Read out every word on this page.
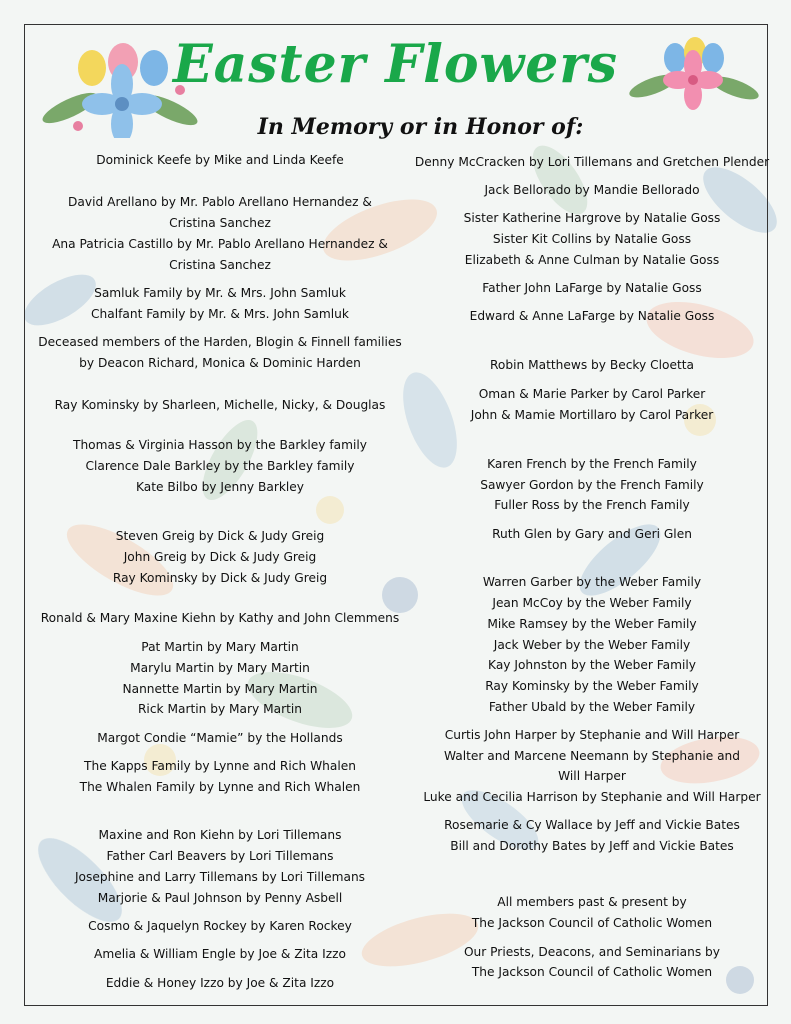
Easter Flowers
In Memory or in Honor of:
Dominick Keefe by Mike and Linda Keefe
David Arellano by Mr. Pablo Arellano Hernandez &
Cristina Sanchez
Ana Patricia Castillo by Mr. Pablo Arellano Hernandez &
Cristina Sanchez
Samluk Family by Mr. & Mrs. John Samluk
Chalfant Family by Mr. & Mrs. John Samluk
Deceased members of the Harden, Blogin & Finnell families
by Deacon Richard, Monica & Dominic Harden
Ray Kominsky by Sharleen, Michelle, Nicky, & Douglas
Thomas & Virginia Hasson by the Barkley family
Clarence Dale Barkley by the Barkley family
Kate Bilbo by Jenny Barkley
Steven Greig by Dick & Judy Greig
John Greig by Dick & Judy Greig
Ray Kominsky by Dick & Judy Greig
Ronald & Mary Maxine Kiehn by Kathy and John Clemmens
Pat Martin by Mary Martin
Marylu Martin by Mary Martin
Nannette Martin by Mary Martin
Rick Martin by Mary Martin
Margot Condie “Mamie” by the Hollands
The Kapps Family by Lynne and Rich Whalen
The Whalen Family by Lynne and Rich Whalen
Maxine and Ron Kiehn by Lori Tillemans
Father Carl Beavers by Lori Tillemans
Josephine and Larry Tillemans by Lori Tillemans
Marjorie & Paul Johnson by Penny Asbell
Cosmo & Jaquelyn Rockey by Karen Rockey
Amelia & William Engle by Joe & Zita Izzo
Eddie & Honey Izzo by Joe & Zita Izzo
Denny McCracken by Lori Tillemans and Gretchen Plender
Jack Bellorado by Mandie Bellorado
Sister Katherine Hargrove by Natalie Goss
Sister Kit Collins by Natalie Goss
Elizabeth & Anne Culman by Natalie Goss
Father John LaFarge by Natalie Goss
Edward & Anne LaFarge by Natalie Goss
Robin Matthews by Becky Cloetta
Oman & Marie Parker by Carol Parker
John & Mamie Mortillaro by Carol Parker
Karen French by the French Family
Sawyer Gordon by the French Family
Fuller Ross by the French Family
Ruth Glen by Gary and Geri Glen
Warren Garber by the Weber Family
Jean McCoy by the Weber Family
Mike Ramsey by the Weber Family
Jack Weber by the Weber Family
Kay Johnston by the Weber Family
Ray Kominsky by the Weber Family
Father Ubald by the Weber Family
Curtis John Harper by Stephanie and Will Harper
Walter and Marcene Neemann by Stephanie and
Will Harper
Luke and Cecilia Harrison by Stephanie and Will Harper
Rosemarie & Cy Wallace by Jeff and Vickie Bates
Bill and Dorothy Bates by Jeff and Vickie Bates
All members past & present by
The Jackson Council of Catholic Women
Our Priests, Deacons, and Seminarians by
The Jackson Council of Catholic Women
